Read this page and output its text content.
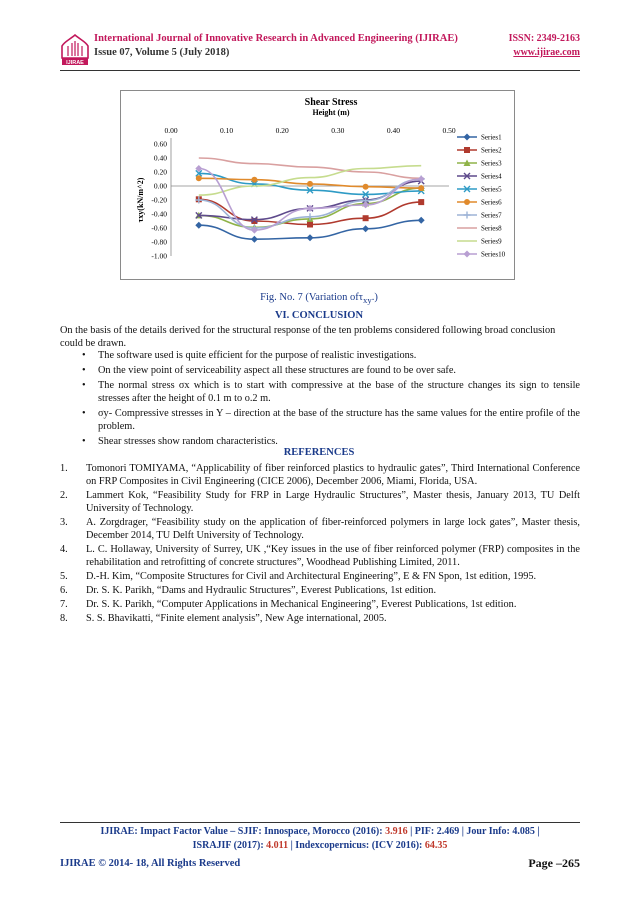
IJIRAE
International Journal of Innovative Research in Advanced Engineering (IJIRAE)	ISSN: 2349-2163
Issue 07, Volume 5 (July 2018)	www.ijirae.com
Shear Stress
Height (m)
0.00	0.10	0.20	0.30	0.40	0.50
0.60
0.40
0.20
0.00
-0.20
-0.40
-0.60
-0.80
-1.00
τxy(kN/m^2)
Series1
Series2
Series3
Series4
Series5
Series6
Series7
Series8
Series9
Series10
Fig. No. 7 (Variation ofτ$_{xy}$.)
VI. CONCLUSION
On the basis of the details derived for the structural response of the ten problems considered following broad conclusion could be drawn.
• The software used is quite efficient for the purpose of realistic investigations.
• On the view point of serviceability aspect all these structures are found to be over safe.
• The normal stress σx which is to start with compressive at the base of the structure changes its sign to tensile stresses after the height of 0.1 m to o.2 m.
• σy- Compressive stresses in Y – direction at the base of the structure has the same values for the entire profile of the problem.
• Shear stresses show random characteristics.
REFERENCES
1. Tomonori TOMIYAMA, “Applicability of fiber reinforced plastics to hydraulic gates”, Third International Conference on FRP Composites in Civil Engineering (CICE 2006), December 2006, Miami, Florida, USA.
2. Lammert Kok, “Feasibility Study for FRP in Large Hydraulic Structures”, Master thesis, January 2013, TU Delft University of Technology.
3. A. Zorgdrager, “Feasibility study on the application of fiber-reinforced polymers in large lock gates”, Master thesis, December 2014, TU Delft University of Technology.
4. L. C. Hollaway, University of Surrey, UK ,“Key issues in the use of fiber reinforced polymer (FRP) composites in the rehabilitation and retrofitting of concrete structures”, Woodhead Publishing Limited, 2011.
5. D.-H. Kim, “Composite Structures for Civil and Architectural Engineering”, E & FN Spon, 1st edition, 1995.
6. Dr. S. K. Parikh, “Dams and Hydraulic Structures”, Everest Publications, 1st edition.
7. Dr. S. K. Parikh, “Computer Applications in Mechanical Engineering”, Everest Publications, 1st edition.
8. S. S. Bhavikatti, “Finite element analysis”, New Age international, 2005.
IJIRAE: Impact Factor Value – SJIF: Innospace, Morocco (2016): 3.916 | PIF: 2.469 | Jour Info: 4.085 |
ISRAJIF (2017): 4.011 | Indexcopernicus: (ICV 2016): 64.35
IJIRAE © 2014- 18, All Rights Reserved	Page –265
